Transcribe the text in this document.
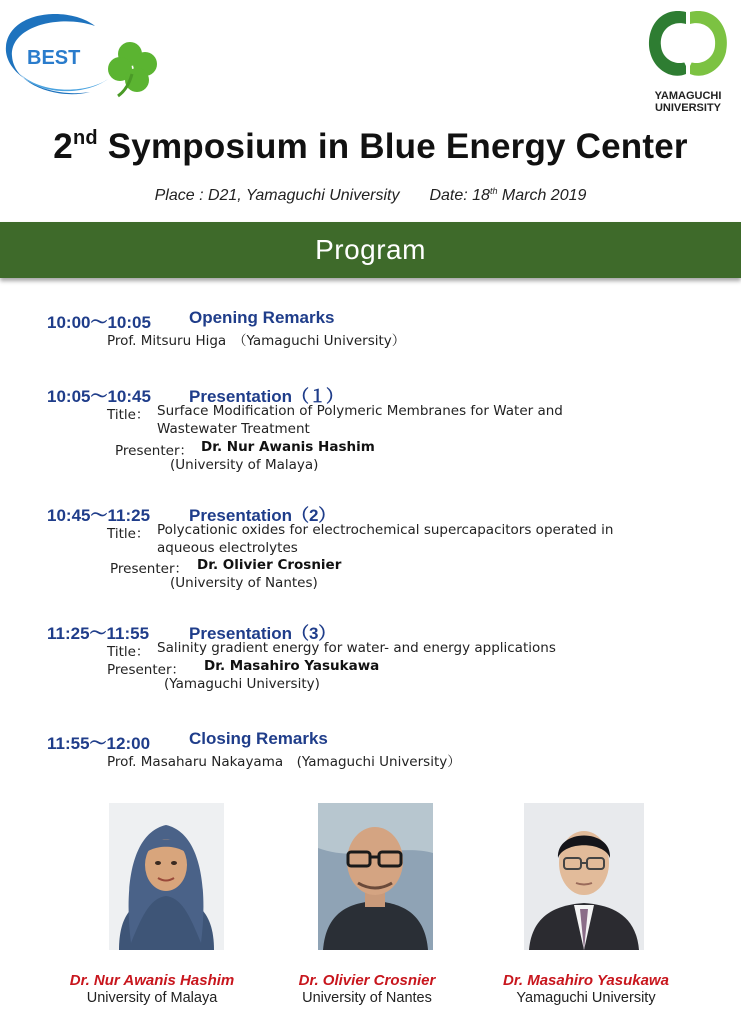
BEST
YAMAGUCHI
UNIVERSITY
2nd Symposium in Blue Energy Center
Place : D21, Yamaguchi University Date: 18th March 2019
Program
10:00〜10:05 Opening Remarks
Prof. Mitsuru Higa　（Yamaguchi University）
10:05〜10:45 Presentation（１）
Title： Surface Modification of Polymeric Membranes for Water and
Wastewater Treatment
Presenter： Dr. Nur Awanis Hashim
(University of Malaya)
10:45〜11:25 Presentation（2）
Title： Polycationic oxides for electrochemical supercapacitors operated in
aqueous electrolytes
Presenter： Dr. Olivier Crosnier
(University of Nantes)
11:25〜11:55 Presentation（3）
Title： Salinity gradient energy for water- and energy applications
Presenter： Dr. Masahiro Yasukawa
(Yamaguchi University)
11:55〜12:00 Closing Remarks
Prof. Masaharu Nakayama　(Yamaguchi University）
Dr. Nur Awanis Hashim
University of Malaya
Dr. Olivier Crosnier
University of Nantes
Dr. Masahiro Yasukawa
Yamaguchi University
